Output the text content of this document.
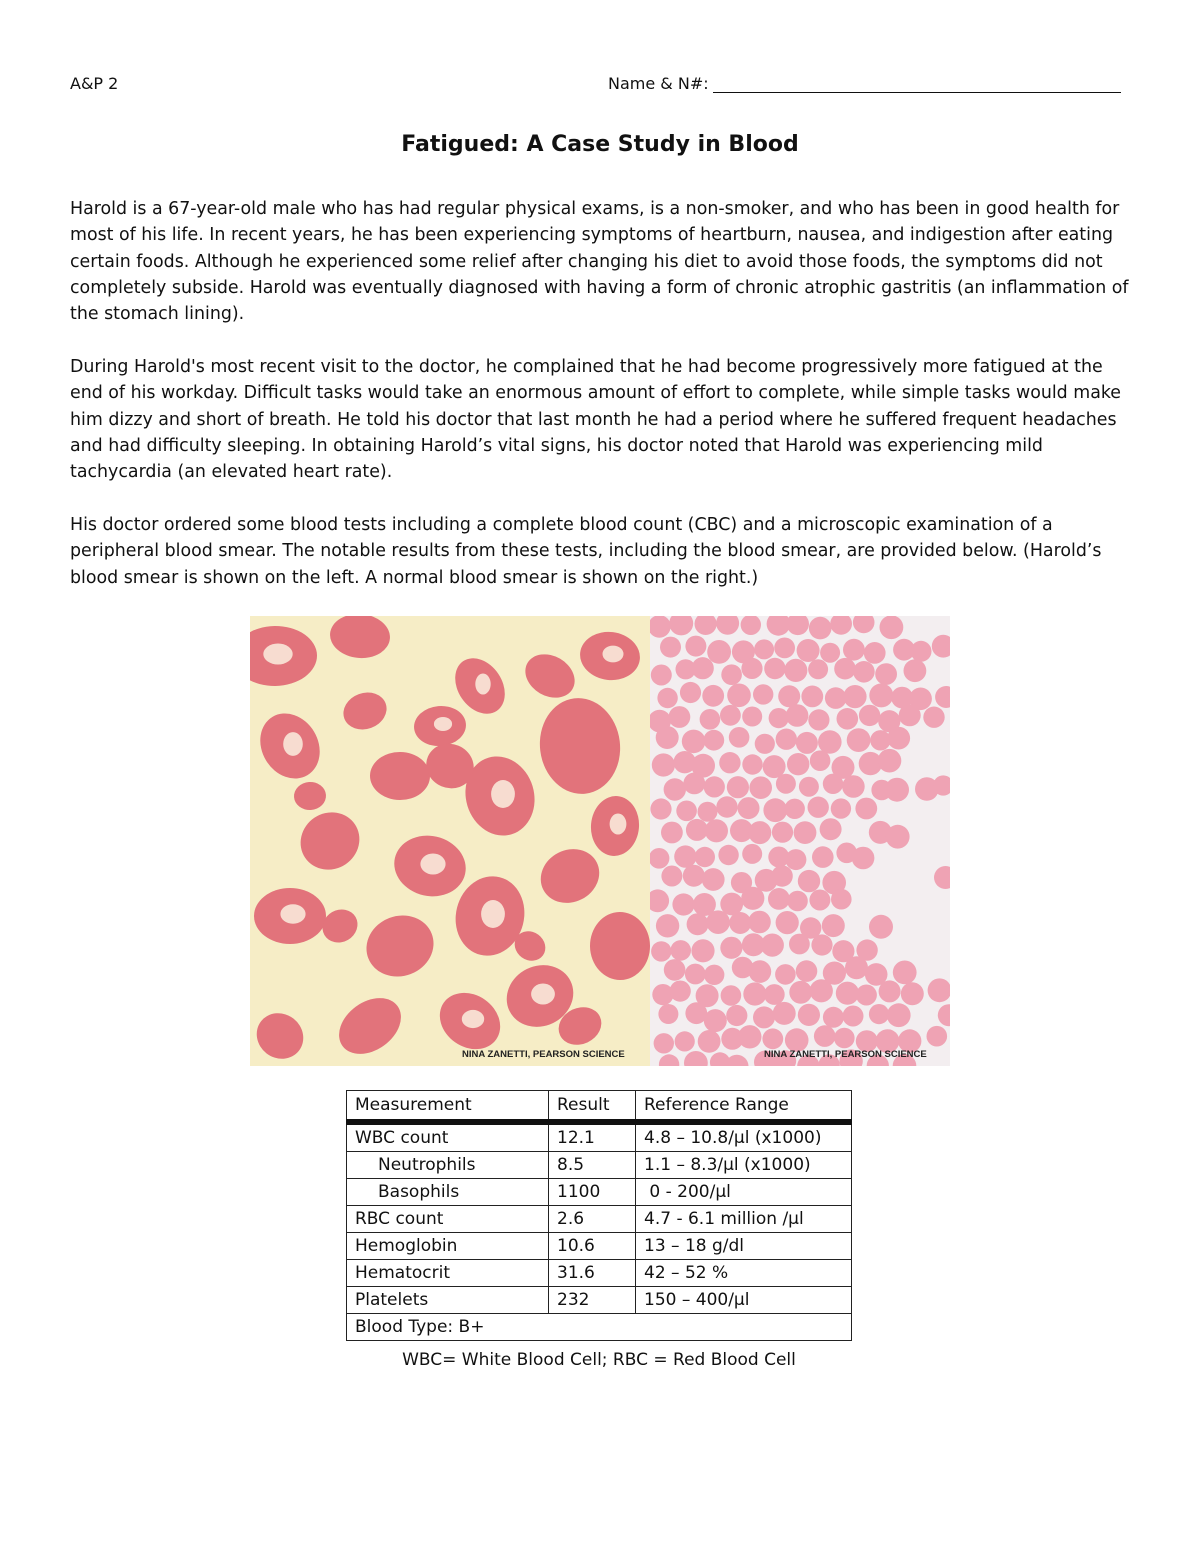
A&P 2	Name & N#:
Fatigued: A Case Study in Blood

Harold is a 67-year-old male who has had regular physical exams, is a non-smoker, and who has been in good health for most of his life. In recent years, he has been experiencing symptoms of heartburn, nausea, and indigestion after eating certain foods. Although he experienced some relief after changing his diet to avoid those foods, the symptoms did not completely subside. Harold was eventually diagnosed with having a form of chronic atrophic gastritis (an inflammation of the stomach lining).

During Harold's most recent visit to the doctor, he complained that he had become progressively more fatigued at the end of his workday. Difficult tasks would take an enormous amount of effort to complete, while simple tasks would make him dizzy and short of breath. He told his doctor that last month he had a period where he suffered frequent headaches and had difficulty sleeping. In obtaining Harold’s vital signs, his doctor noted that Harold was experiencing mild tachycardia (an elevated heart rate).

His doctor ordered some blood tests including a complete blood count (CBC) and a microscopic examination of a peripheral blood smear. The notable results from these tests, including the blood smear, are provided below. (Harold’s blood smear is shown on the left. A normal blood smear is shown on the right.)

NINA ZANETTI, PEARSON SCIENCE	NINA ZANETTI, PEARSON SCIENCE
Measurement	Result	Reference Range
WBC count	12.1	4.8 – 10.8/µl (x1000)
Neutrophils	8.5	1.1 – 8.3/µl (x1000)
Basophils	1100	0 - 200/µl
RBC count	2.6	4.7 - 6.1 million /µl
Hemoglobin	10.6	13 – 18 g/dl
Hematocrit	31.6	42 – 52 %
Platelets	232	150 – 400/µl
Blood Type: B+		
WBC= White Blood Cell; RBC = Red Blood Cell
